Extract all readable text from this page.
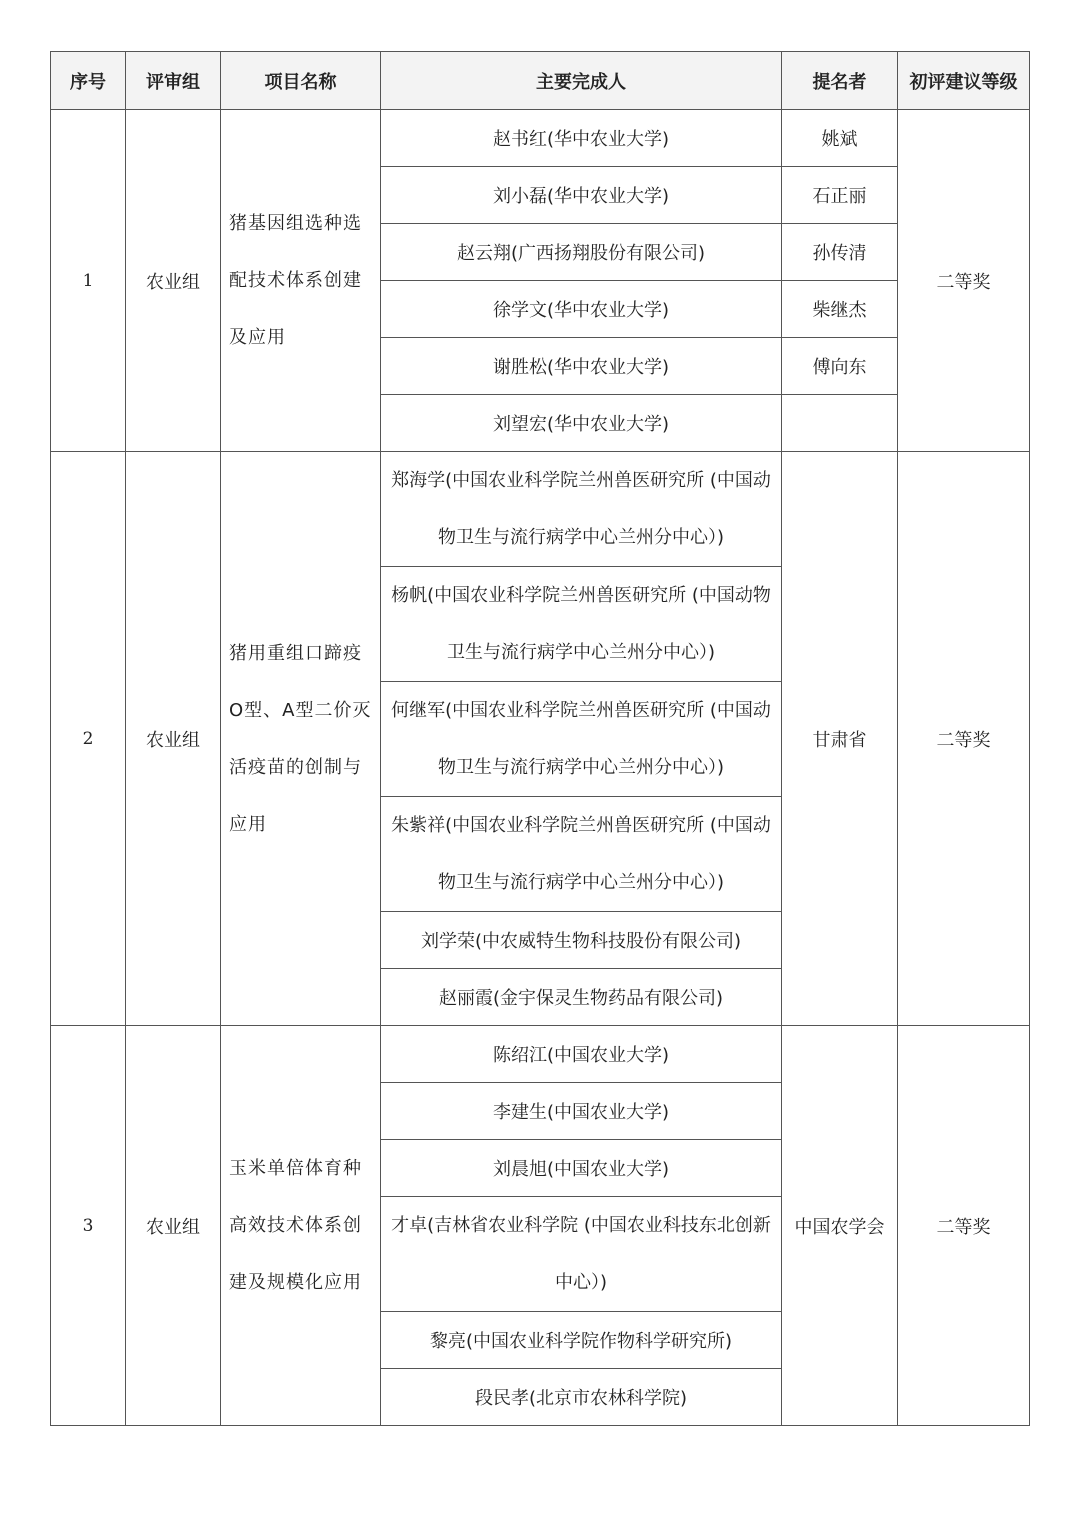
序号	评审组	项目名称	主要完成人	提名者	初评建议等级
1	农业组	猪基因组选种选配技术体系创建及应用	赵书红(华中农业大学)	姚斌	二等奖
			刘小磊(华中农业大学)	石正丽	
			赵云翔(广西扬翔股份有限公司)	孙传清	
			徐学文(华中农业大学)	柴继杰	
			谢胜松(华中农业大学)	傅向东	
			刘望宏(华中农业大学)		
2	农业组	猪用重组口蹄疫O型、A型二价灭活疫苗的创制与应用	郑海学(中国农业科学院兰州兽医研究所 (中国动物卫生与流行病学中心兰州分中心）)	甘肃省	二等奖
			杨帆(中国农业科学院兰州兽医研究所 (中国动物卫生与流行病学中心兰州分中心）)		
			何继军(中国农业科学院兰州兽医研究所 (中国动物卫生与流行病学中心兰州分中心）)		
			朱紫祥(中国农业科学院兰州兽医研究所 (中国动物卫生与流行病学中心兰州分中心）)		
			刘学荣(中农威特生物科技股份有限公司)		
			赵丽霞(金宇保灵生物药品有限公司)		
3	农业组	玉米单倍体育种高效技术体系创建及规模化应用	陈绍江(中国农业大学)	中国农学会	二等奖
			李建生(中国农业大学)		
			刘晨旭(中国农业大学)		
			才卓(吉林省农业科学院 (中国农业科技东北创新中心）)		
			黎亮(中国农业科学院作物科学研究所)		
			段民孝(北京市农林科学院)		
